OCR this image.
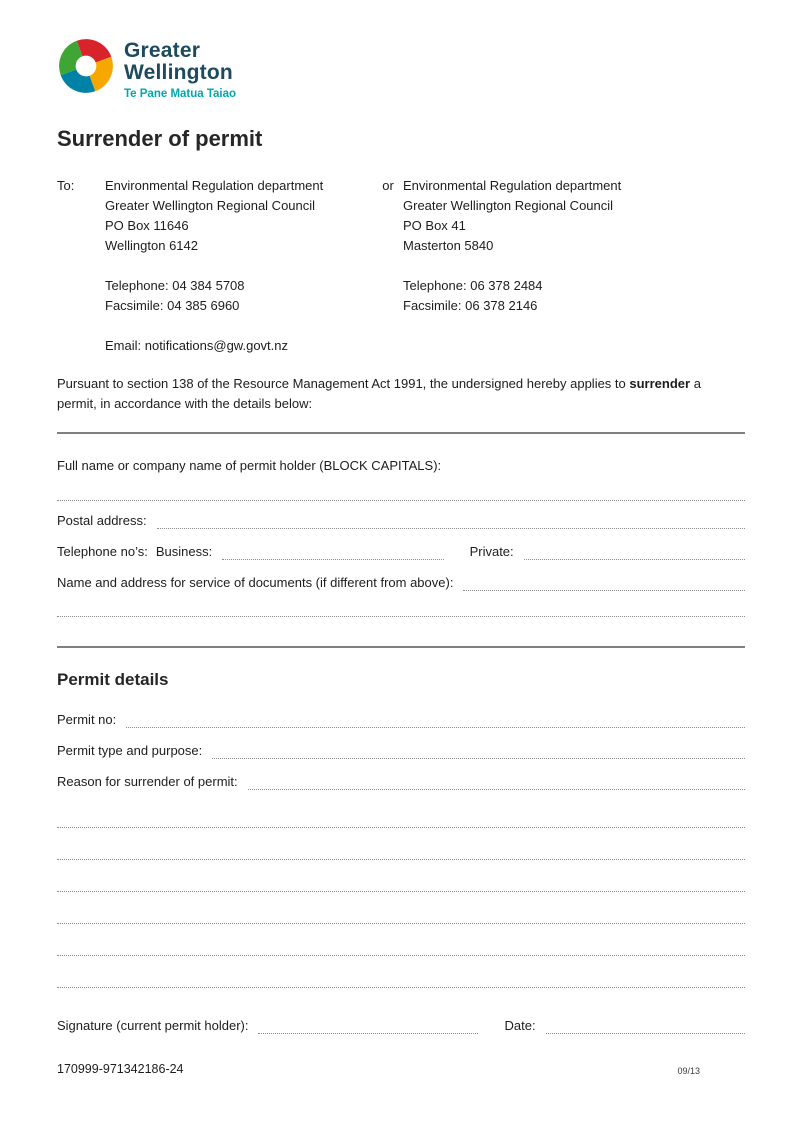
Greater
Wellington
Te Pane Matua Taiao
Surrender of permit
To:	Environmental Regulation department
Greater Wellington Regional Council
PO Box 11646
Wellington 6142
Telephone: 04 384 5708
Facsimile: 04 385 6960
Email: notifications@gw.govt.nz
or Environmental Regulation department
Greater Wellington Regional Council
PO Box 41
Masterton 5840
Telephone: 06 378 2484
Facsimile: 06 378 2146

Pursuant to section 138 of the Resource Management Act 1991, the undersigned hereby applies to surrender a permit, in accordance with the details below:

Full name or company name of permit holder (BLOCK CAPITALS):
Postal address:
Telephone no’s: Business:	Private:
Name and address for service of documents (if different from above):
Permit details
Permit no:
Permit type and purpose:
Reason for surrender of permit:
Signature (current permit holder):	Date:
170999-971342186-24	09/13
